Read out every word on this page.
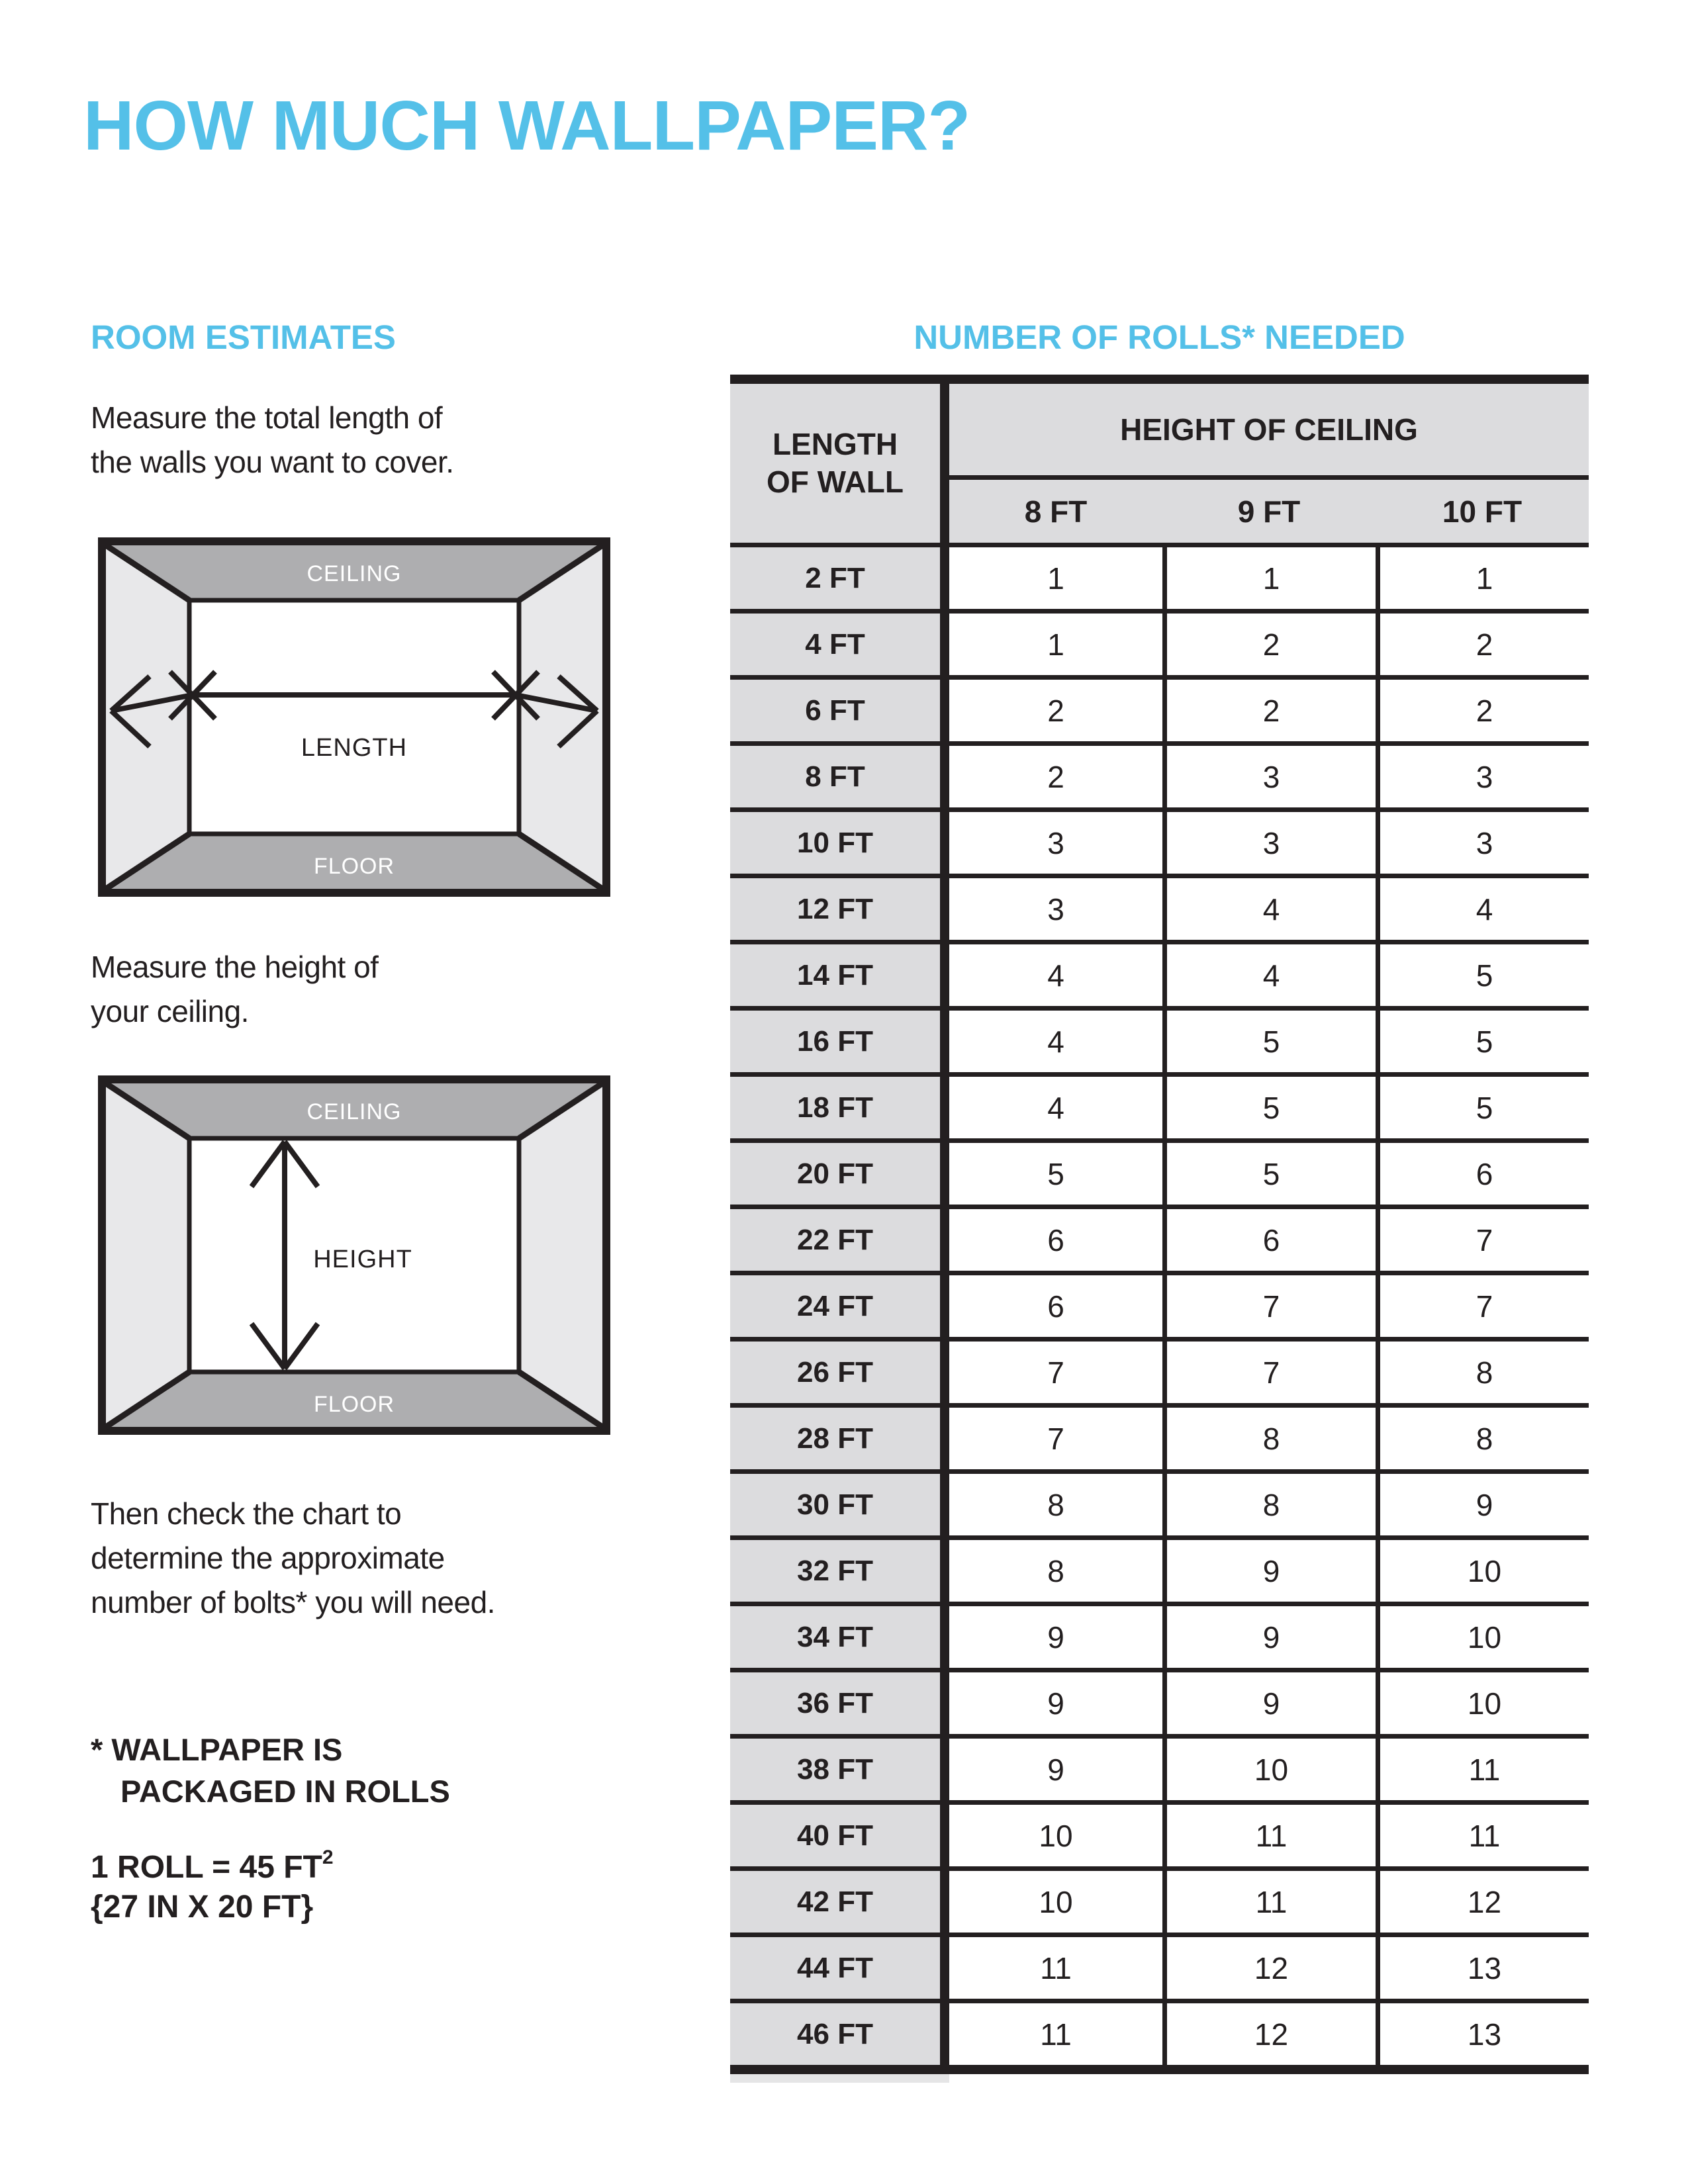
HOW MUCH WALLPAPER?
ROOM ESTIMATES
Measure the total length of
the walls you want to cover.
CEILING
FLOOR
LENGTH
Measure the height of
your ceiling.
CEILING
FLOOR
HEIGHT
Then check the chart to
determine the approximate
number of bolts* you will need.
* WALLPAPER IS
PACKAGED IN ROLLS
1 ROLL = 45 $FT^2$
{27 IN X 20 FT}
NUMBER OF ROLLS* NEEDED
LENGTH
OF WALL
HEIGHT OF CEILING
8 FT	9 FT	10 FT
2 FT	1	1	1
4 FT	1	2	2
6 FT	2	2	2
8 FT	2	3	3
10 FT	3	3	3
12 FT	3	4	4
14 FT	4	4	5
16 FT	4	5	5
18 FT	4	5	5
20 FT	5	5	6
22 FT	6	6	7
24 FT	6	7	7
26 FT	7	7	8
28 FT	7	8	8
30 FT	8	8	9
32 FT	8	9	10
34 FT	9	9	10
36 FT	9	9	10
38 FT	9	10	11
40 FT	10	11	11
42 FT	10	11	12
44 FT	11	12	13
46 FT	11	12	13
